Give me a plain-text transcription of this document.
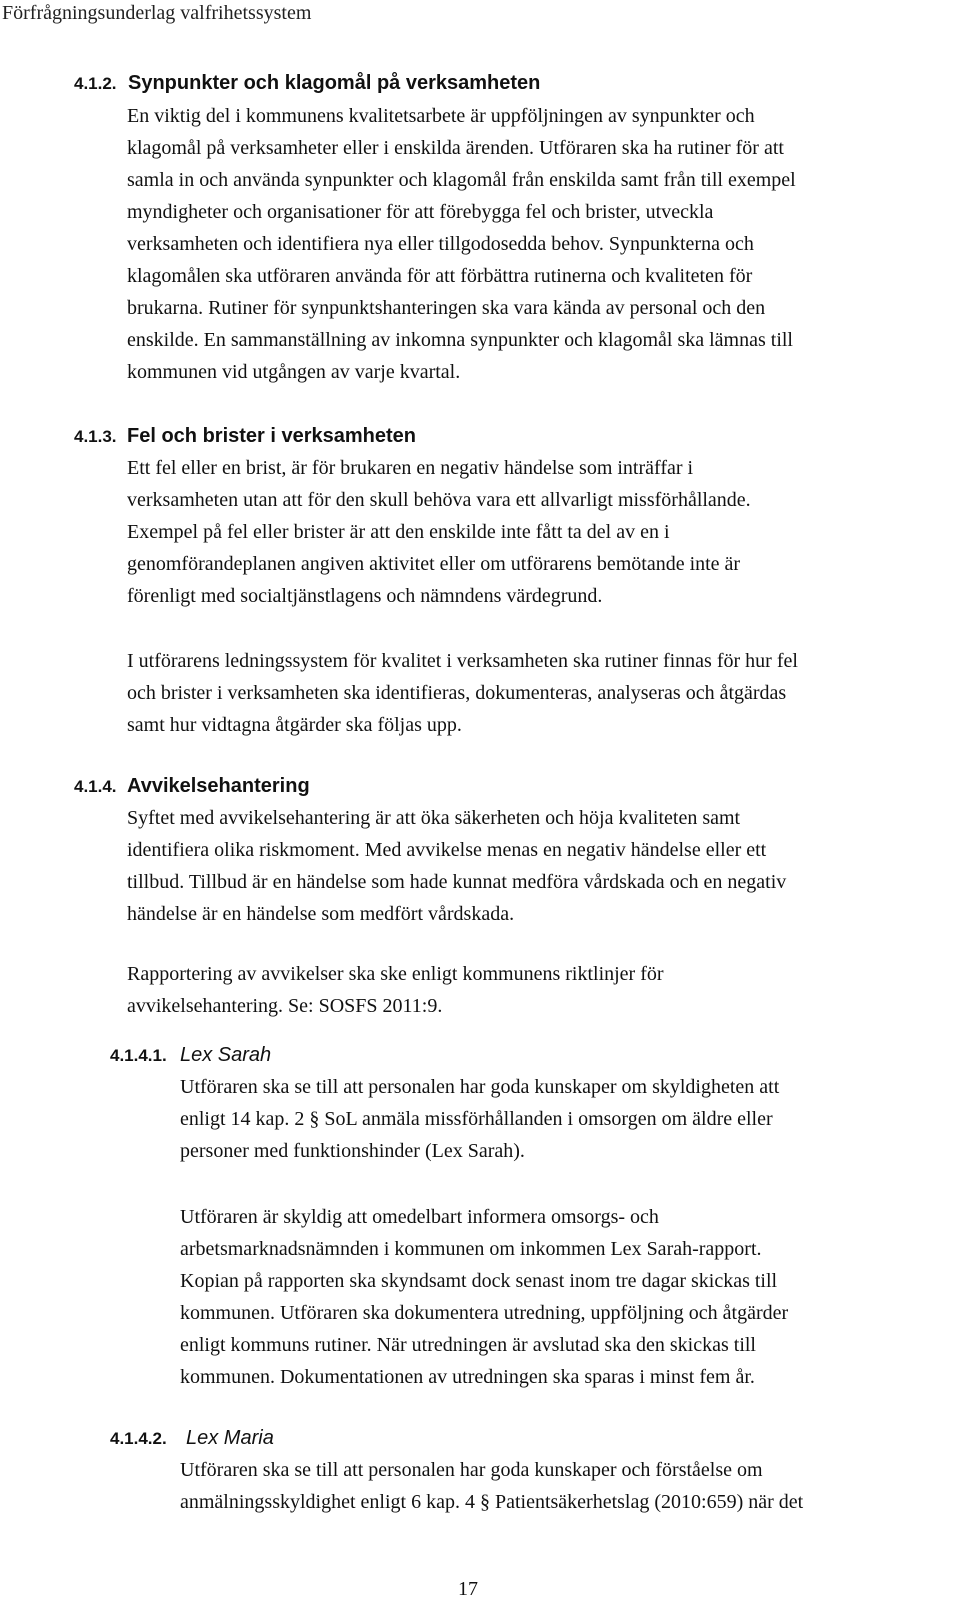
Förfrågningsunderlag valfrihetssystem
4.1.2. Synpunkter och klagomål på verksamheten
En viktig del i kommunens kvalitetsarbete är uppföljningen av synpunkter och
klagomål på verksamheter eller i enskilda ärenden. Utföraren ska ha rutiner för att
samla in och använda synpunkter och klagomål från enskilda samt från till exempel
myndigheter och organisationer för att förebygga fel och brister, utveckla
verksamheten och identifiera nya eller tillgodosedda behov. Synpunkterna och
klagomålen ska utföraren använda för att förbättra rutinerna och kvaliteten för
brukarna. Rutiner för synpunktshanteringen ska vara kända av personal och den
enskilde. En sammanställning av inkomna synpunkter och klagomål ska lämnas till
kommunen vid utgången av varje kvartal.
4.1.3. Fel och brister i verksamheten
Ett fel eller en brist, är för brukaren en negativ händelse som inträffar i
verksamheten utan att för den skull behöva vara ett allvarligt missförhållande.
Exempel på fel eller brister är att den enskilde inte fått ta del av en i
genomförandeplanen angiven aktivitet eller om utförarens bemötande inte är
förenligt med socialtjänstlagens och nämndens värdegrund.
I utförarens ledningssystem för kvalitet i verksamheten ska rutiner finnas för hur fel
och brister i verksamheten ska identifieras, dokumenteras, analyseras och åtgärdas
samt hur vidtagna åtgärder ska följas upp.
4.1.4. Avvikelsehantering
Syftet med avvikelsehantering är att öka säkerheten och höja kvaliteten samt
identifiera olika riskmoment. Med avvikelse menas en negativ händelse eller ett
tillbud. Tillbud är en händelse som hade kunnat medföra vårdskada och en negativ
händelse är en händelse som medfört vårdskada.
Rapportering av avvikelser ska ske enligt kommunens riktlinjer för
avvikelsehantering. Se: SOSFS 2011:9.
4.1.4.1. Lex Sarah
Utföraren ska se till att personalen har goda kunskaper om skyldigheten att
enligt 14 kap. 2 § SoL anmäla missförhållanden i omsorgen om äldre eller
personer med funktionshinder (Lex Sarah).
Utföraren är skyldig att omedelbart informera omsorgs- och
arbetsmarknadsnämnden i kommunen om inkommen Lex Sarah-rapport.
Kopian på rapporten ska skyndsamt dock senast inom tre dagar skickas till
kommunen. Utföraren ska dokumentera utredning, uppföljning och åtgärder
enligt kommuns rutiner. När utredningen är avslutad ska den skickas till
kommunen. Dokumentationen av utredningen ska sparas i minst fem år.
4.1.4.2. Lex Maria
Utföraren ska se till att personalen har goda kunskaper och förståelse om
anmälningsskyldighet enligt 6 kap. 4 § Patientsäkerhetslag (2010:659) när det
17
